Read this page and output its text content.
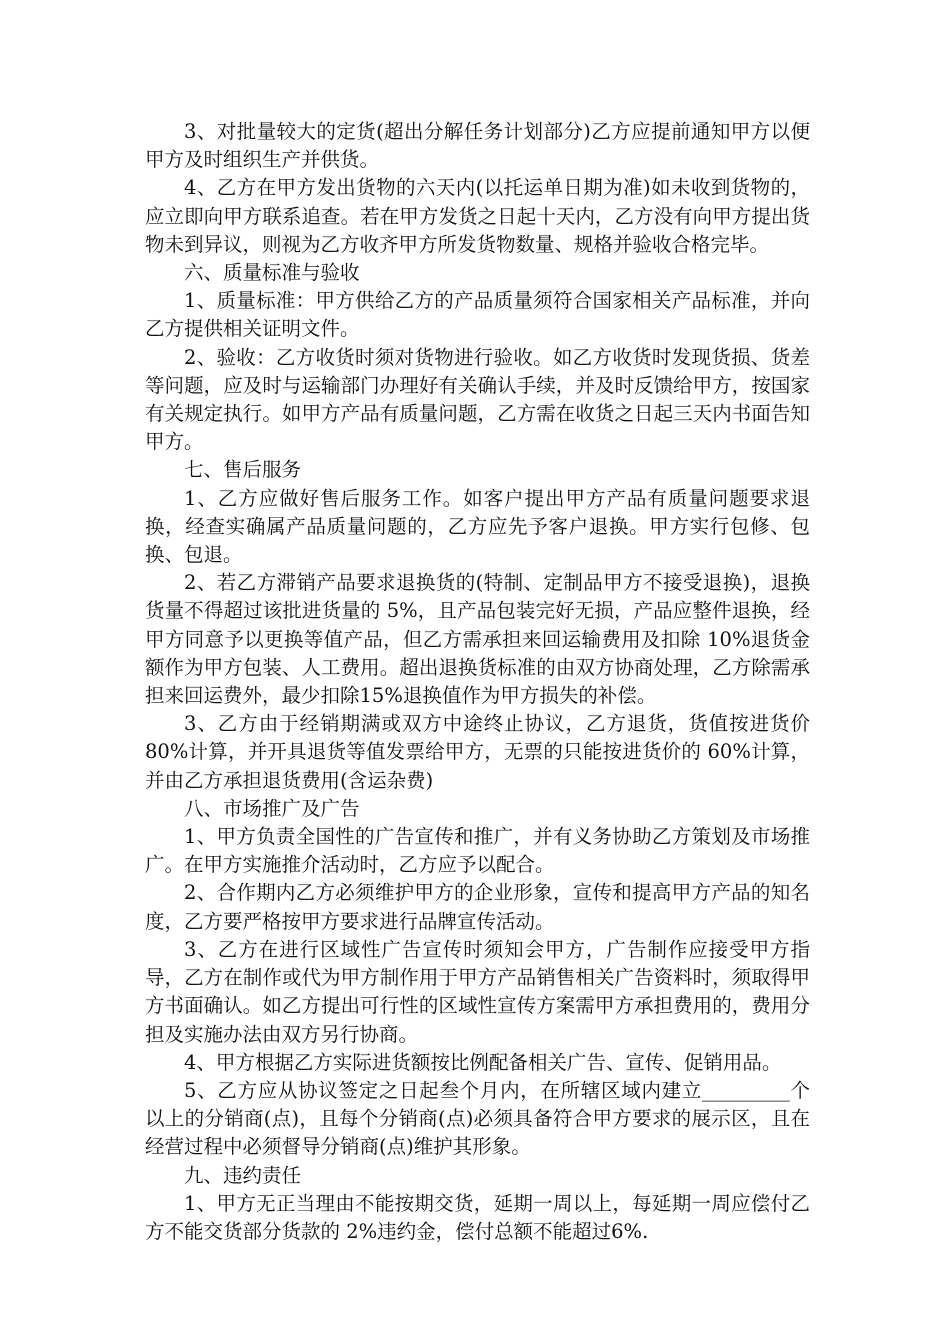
3、对批量较大的定货(超出分解任务计划部分)乙方应提前通知甲方以便甲方及时组织生产并供货。

4、乙方在甲方发出货物的六天内(以托运单日期为准)如未收到货物的，应立即向甲方联系追查。若在甲方发货之日起十天内，乙方没有向甲方提出货物未到异议，则视为乙方收齐甲方所发货物数量、规格并验收合格完毕。

六、质量标准与验收

1、质量标准：甲方供给乙方的产品质量须符合国家相关产品标准，并向乙方提供相关证明文件。

2、验收：乙方收货时须对货物进行验收。如乙方收货时发现货损、货差等问题，应及时与运输部门办理好有关确认手续，并及时反馈给甲方，按国家有关规定执行。如甲方产品有质量问题，乙方需在收货之日起三天内书面告知甲方。

七、售后服务

1、乙方应做好售后服务工作。如客户提出甲方产品有质量问题要求退换，经查实确属产品质量问题的，乙方应先予客户退换。甲方实行包修、包换、包退。

2、若乙方滞销产品要求退换货的(特制、定制品甲方不接受退换)，退换货量不得超过该批进货量的 5%，且产品包装完好无损，产品应整件退换，经甲方同意予以更换等值产品，但乙方需承担来回运输费用及扣除 10%退货金额作为甲方包装、人工费用。超出退换货标准的由双方协商处理，乙方除需承担来回运费外，最少扣除15%退换值作为甲方损失的补偿。

3、乙方由于经销期满或双方中途终止协议，乙方退货，货值按进货价 80%计算，并开具退货等值发票给甲方，无票的只能按进货价的 60%计算，并由乙方承担退货费用(含运杂费)

八、市场推广及广告

1、甲方负责全国性的广告宣传和推广，并有义务协助乙方策划及市场推广。在甲方实施推介活动时，乙方应予以配合。

2、合作期内乙方必须维护甲方的企业形象，宣传和提高甲方产品的知名度，乙方要严格按甲方要求进行品牌宣传活动。

3、乙方在进行区域性广告宣传时须知会甲方，广告制作应接受甲方指导，乙方在制作或代为甲方制作用于甲方产品销售相关广告资料时，须取得甲方书面确认。如乙方提出可行性的区域性宣传方案需甲方承担费用的，费用分担及实施办法由双方另行协商。

4、甲方根据乙方实际进货额按比例配备相关广告、宣传、促销用品。

5、乙方应从协议签定之日起叁个月内，在所辖区域内建立_________个以上的分销商(点)，且每个分销商(点)必须具备符合甲方要求的展示区，且在经营过程中必须督导分销商(点)维护其形象。

九、违约责任

1、甲方无正当理由不能按期交货，延期一周以上，每延期一周应偿付乙方不能交货部分货款的 2%违约金，偿付总额不能超过6%.
